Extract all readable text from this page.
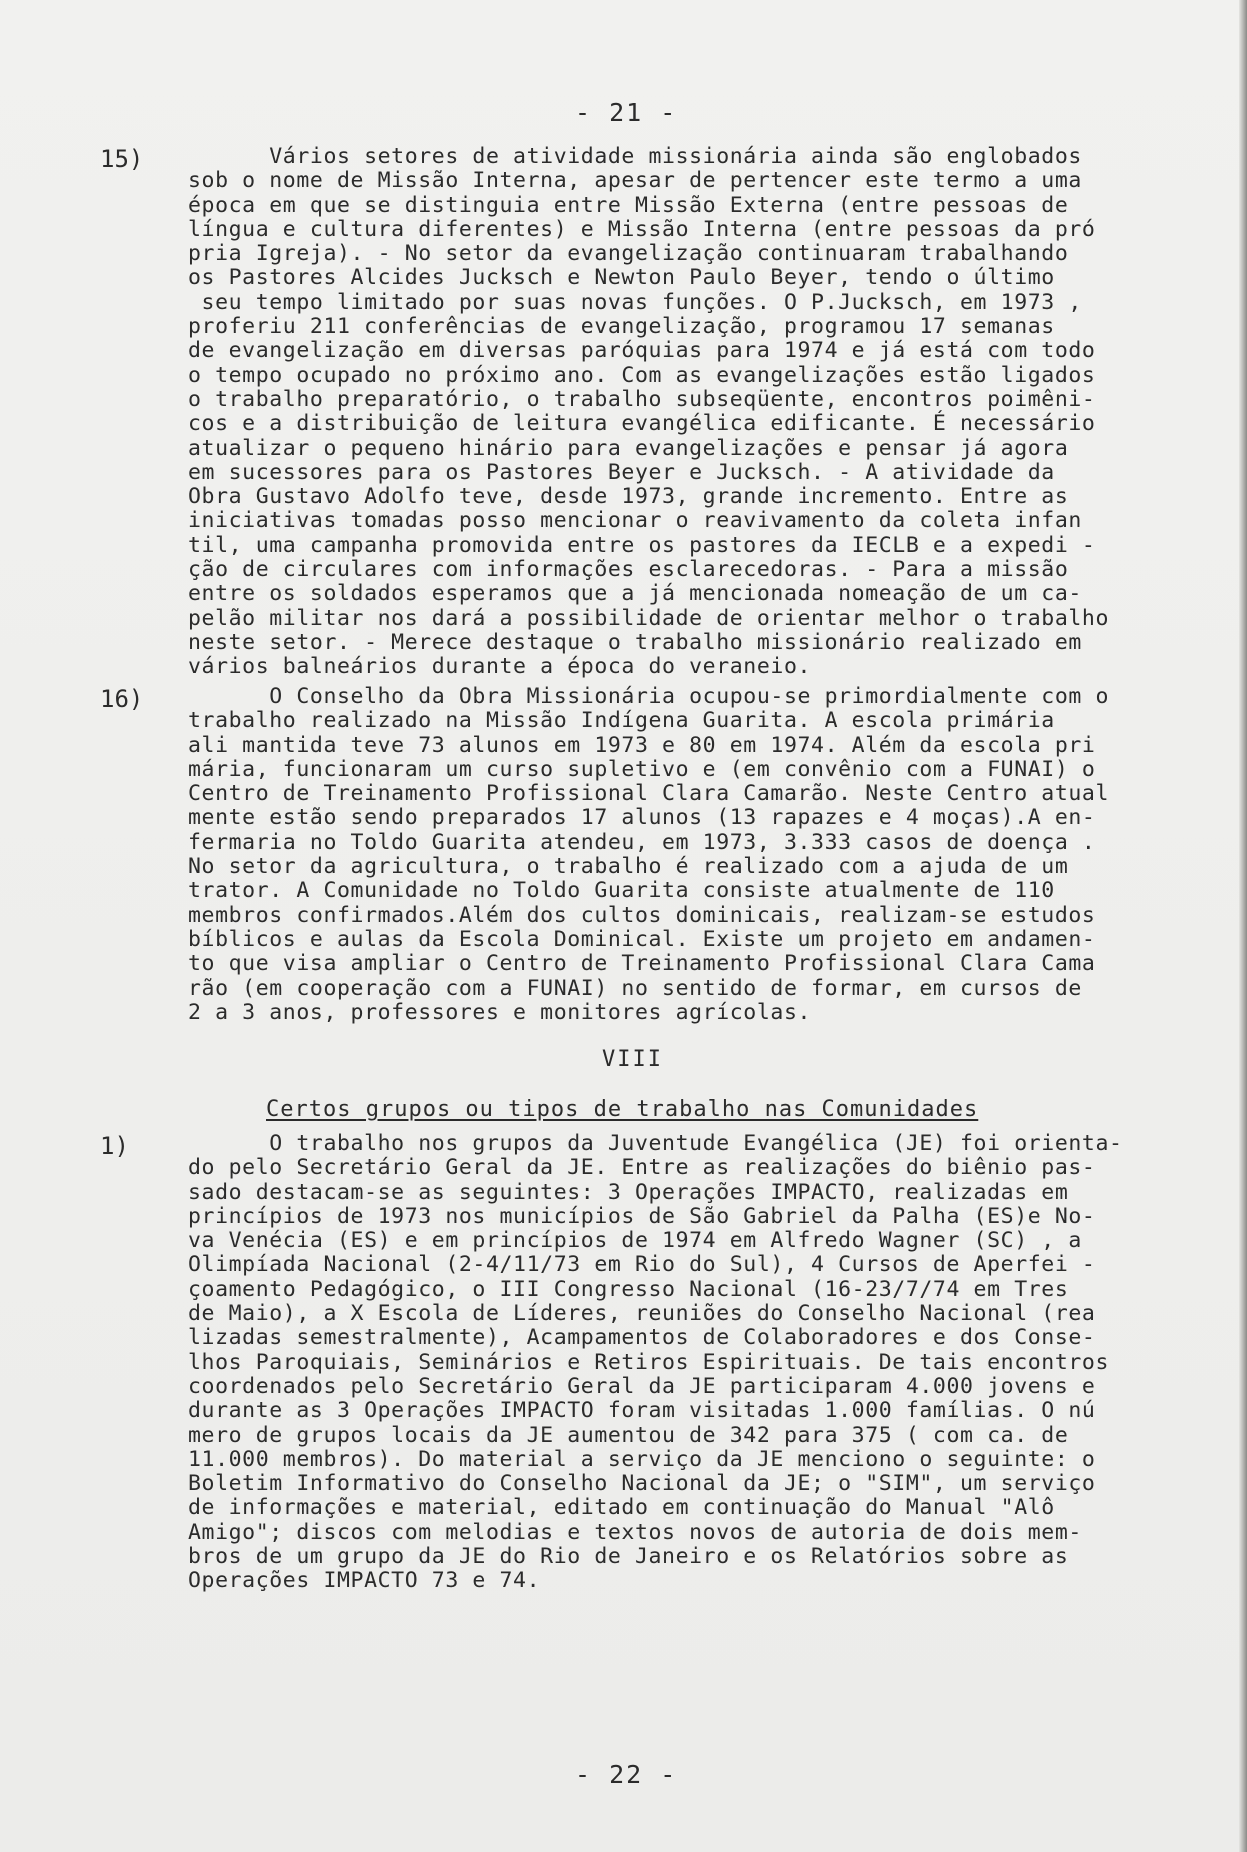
- 21 -
15) Vários setores de atividade missionária ainda são englobados
sob o nome de Missão Interna, apesar de pertencer este termo a uma
época em que se distinguia entre Missão Externa (entre pessoas de
língua e cultura diferentes) e Missão Interna (entre pessoas da pró
pria Igreja). - No setor da evangelização continuaram trabalhando
os Pastores Alcides Jucksch e Newton Paulo Beyer, tendo o último
seu tempo limitado por suas novas funções. O P.Jucksch, em 1973 ,
proferiu 211 conferências de evangelização, programou 17 semanas
de evangelização em diversas paróquias para 1974 e já está com todo
o tempo ocupado no próximo ano. Com as evangelizações estão ligados
o trabalho preparatório, o trabalho subseqüente, encontros poimêni-
cos e a distribuição de leitura evangélica edificante. É necessário
atualizar o pequeno hinário para evangelizações e pensar já agora
em sucessores para os Pastores Beyer e Jucksch. - A atividade da
Obra Gustavo Adolfo teve, desde 1973, grande incremento. Entre as
iniciativas tomadas posso mencionar o reavivamento da coleta infan
til, uma campanha promovida entre os pastores da IECLB e a expedi -
ção de circulares com informações esclarecedoras. - Para a missão
entre os soldados esperamos que a já mencionada nomeação de um ca-
pelão militar nos dará a possibilidade de orientar melhor o trabalho
neste setor. - Merece destaque o trabalho missionário realizado em
vários balneários durante a época do veraneio.
16) O Conselho da Obra Missionária ocupou-se primordialmente com o
trabalho realizado na Missão Indígena Guarita. A escola primária
ali mantida teve 73 alunos em 1973 e 80 em 1974. Além da escola pri
mária, funcionaram um curso supletivo e (em convênio com a FUNAI) o
Centro de Treinamento Profissional Clara Camarão. Neste Centro atual
mente estão sendo preparados 17 alunos (13 rapazes e 4 moças).A en-
fermaria no Toldo Guarita atendeu, em 1973, 3.333 casos de doença .
No setor da agricultura, o trabalho é realizado com a ajuda de um
trator. A Comunidade no Toldo Guarita consiste atualmente de 110
membros confirmados.Além dos cultos dominicais, realizam-se estudos
bíblicos e aulas da Escola Dominical. Existe um projeto em andamen-
to que visa ampliar o Centro de Treinamento Profissional Clara Cama
rão (em cooperação com a FUNAI) no sentido de formar, em cursos de
2 a 3 anos, professores e monitores agrícolas.
VIII
Certos grupos ou tipos de trabalho nas Comunidades
1)	O trabalho nos grupos da Juventude Evangélica (JE) foi orienta-
do pelo Secretário Geral da JE. Entre as realizações do biênio pas-
sado destacam-se as seguintes: 3 Operações IMPACTO, realizadas em
princípios de 1973 nos municípios de São Gabriel da Palha (ES)e No-
va Venécia (ES) e em princípios de 1974 em Alfredo Wagner (SC) , a
Olimpíada Nacional (2-4/11/73 em Rio do Sul), 4 Cursos de Aperfei -
çoamento Pedagógico, o III Congresso Nacional (16-23/7/74 em Tres
de Maio), a X Escola de Líderes, reuniões do Conselho Nacional (rea
lizadas semestralmente), Acampamentos de Colaboradores e dos Conse-
lhos Paroquiais, Seminários e Retiros Espirituais. De tais encontros
coordenados pelo Secretário Geral da JE participaram 4.000 jovens e
durante as 3 Operações IMPACTO foram visitadas 1.000 famílias. O nú
mero de grupos locais da JE aumentou de 342 para 375 ( com ca. de
11.000 membros). Do material a serviço da JE menciono o seguinte: o
Boletim Informativo do Conselho Nacional da JE; o "SIM", um serviço
de informações e material, editado em continuação do Manual "Alô
Amigo"; discos com melodias e textos novos de autoria de dois mem-
bros de um grupo da JE do Rio de Janeiro e os Relatórios sobre as
Operações IMPACTO 73 e 74.
- 22 -
